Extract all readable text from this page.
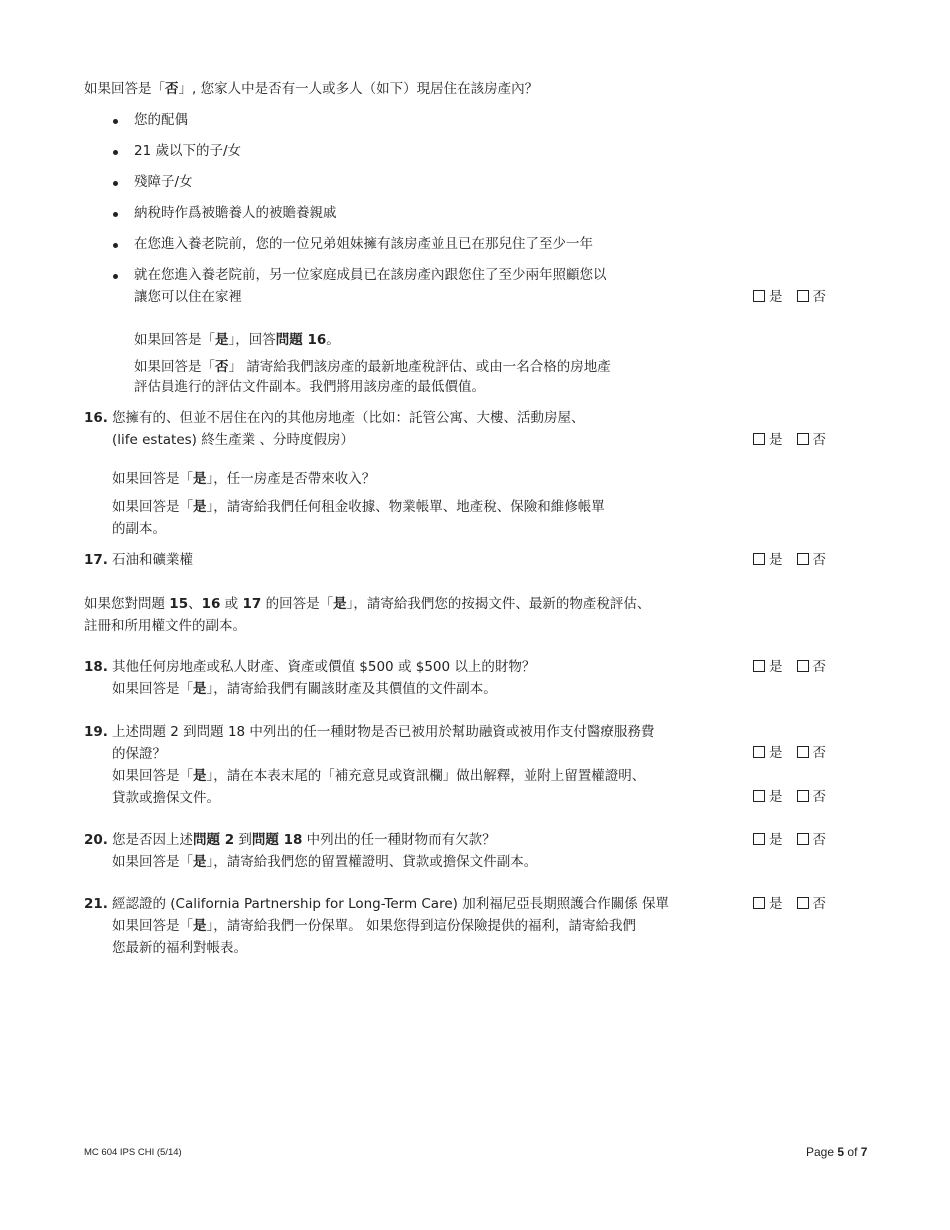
如果回答是「否」, 您家人中是否有一人或多人（如下）現居住在該房產內？
您的配偶
21 歲以下的子/女
殘障子/女
納稅時作爲被贍養人的被贍養親戚
在您進入養老院前，您的一位兄弟姐妹擁有該房產並且已在那兒住了至少一年
就在您進入養老院前，另一位家庭成員已在該房產內跟您住了至少兩年照顧您以
讓您可以住在家裡	是 否
如果回答是「是」，回答問題 16。
如果回答是「否」 請寄給我們該房產的最新地產稅評估、或由一名合格的房地產
評估員進行的評估文件副本。我們將用該房產的最低價值。
16. 您擁有的、但並不居住在內的其他房地產（比如：託管公寓、大樓、活動房屋、
(life estates) 終生產業 、分時度假房）	是 否
如果回答是「是」，任一房產是否帶來收入？
如果回答是「是」，請寄給我們任何租金收據、物業帳單、地產稅、保險和維修帳單
的副本。
17. 石油和礦業權	是 否
如果您對問題 15、16 或 17 的回答是「是」，請寄給我們您的按揭文件、最新的物產稅評估、
註冊和所用權文件的副本。
18. 其他任何房地產或私人財產、資產或價值 $500 或 $500 以上的財物？	是 否
如果回答是「是」，請寄給我們有關該財產及其價值的文件副本。
19. 上述問題 2 到問題 18 中列出的任一種財物是否已被用於幫助融資或被用作支付醫療服務費
的保證？	是 否
如果回答是「是」，請在本表末尾的「補充意見或資訊欄」做出解釋，並附上留置權證明、
貸款或擔保文件。	是 否
20. 您是否因上述問題 2 到問題 18 中列出的任一種財物而有欠款？	是 否
如果回答是「是」，請寄給我們您的留置權證明、貸款或擔保文件副本。
21. 經認證的 (California Partnership for Long-Term Care) 加利福尼亞長期照護合作關係 保單	是 否
如果回答是「是」，請寄給我們一份保單。 如果您得到這份保險提供的福利，請寄給我們
您最新的福利對帳表。
MC 604 IPS CHI (5/14)	Page 5 of 7
